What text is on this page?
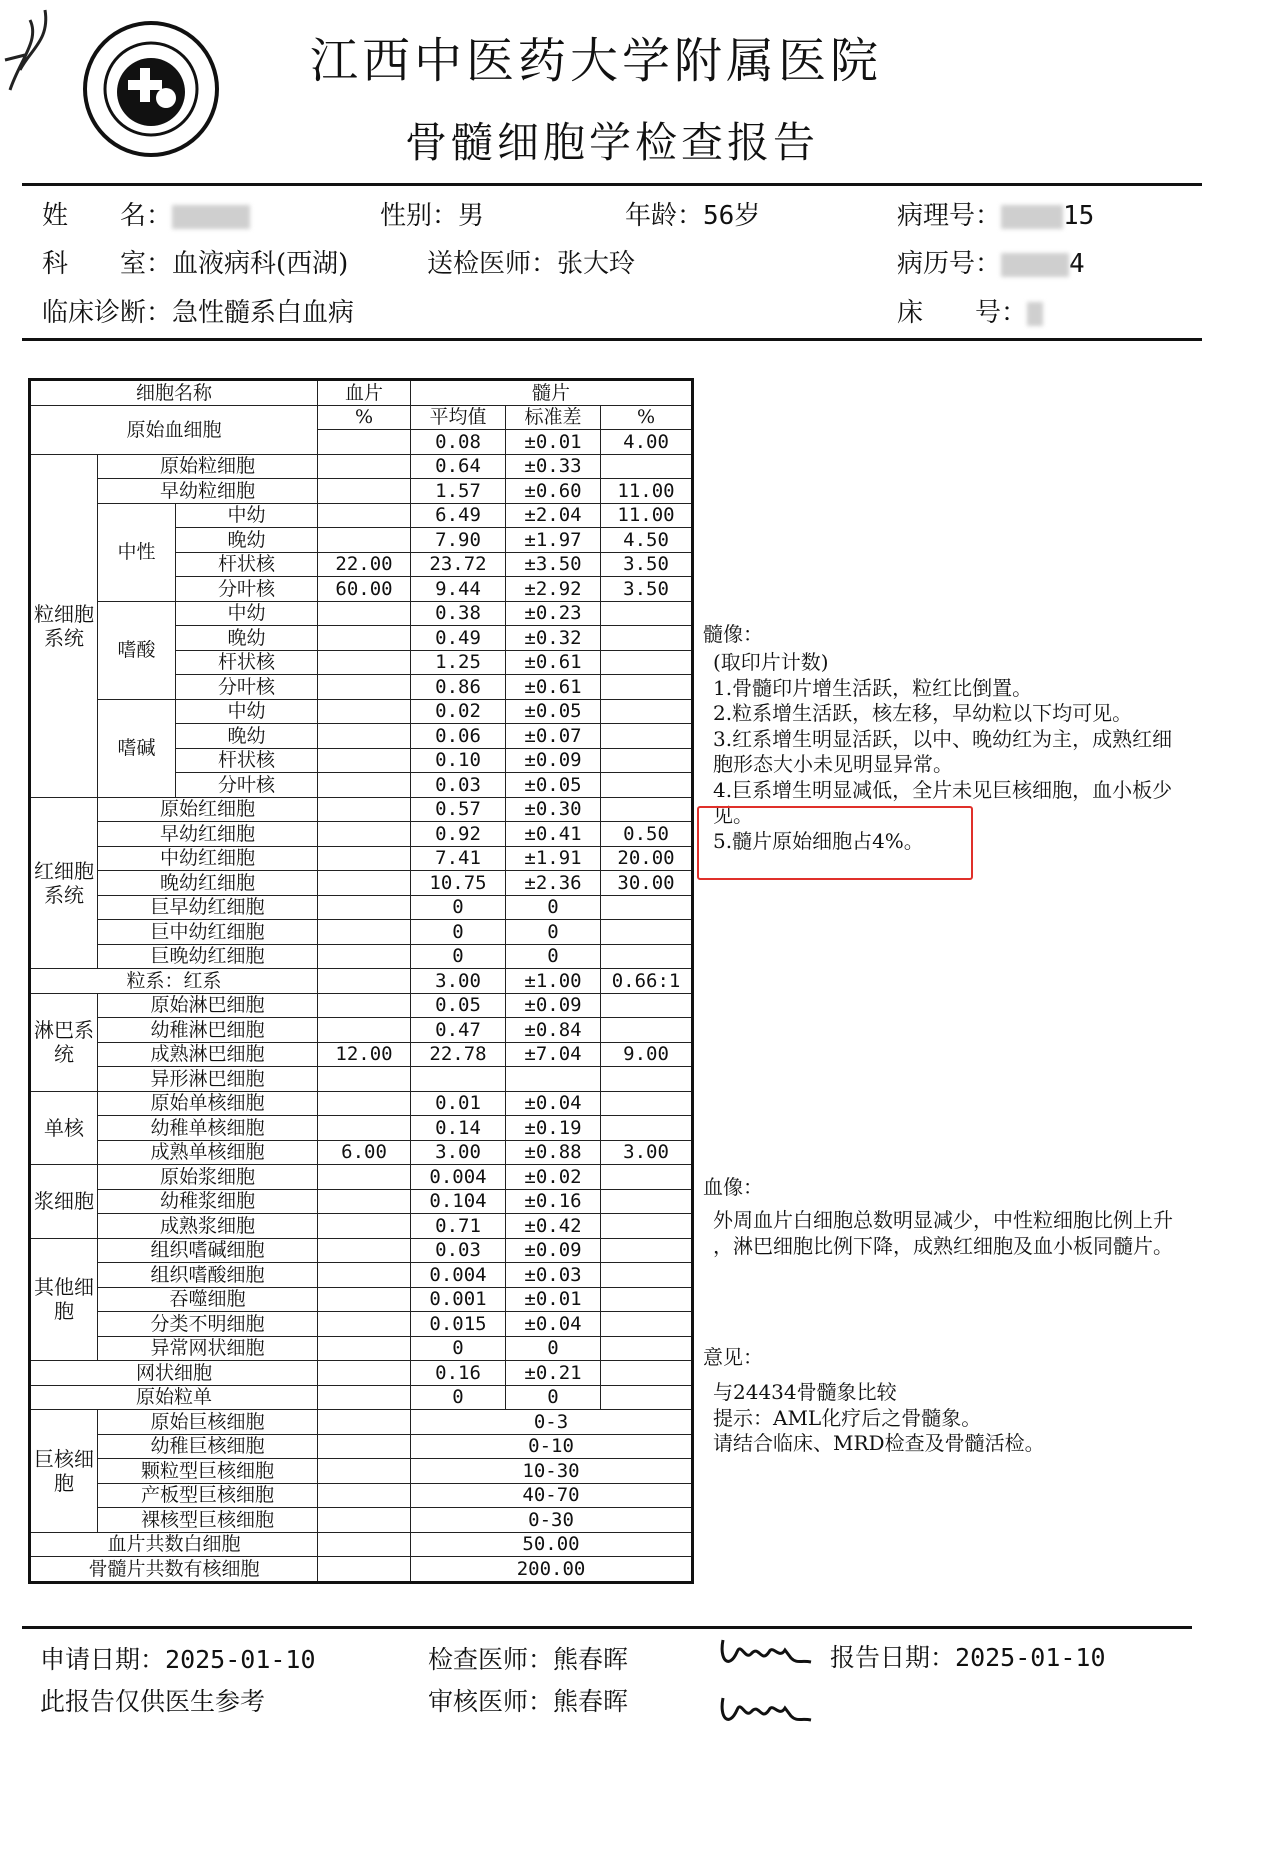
江西中医药大学附属医院
骨髓细胞学检查报告
姓　　名：	性别：男	年龄：56岁	病理号： 15
科　　室：血液病科(西湖)	送检医师：张大玲	病历号：	4
临床诊断：急性髓系白血病	床　　号：
细胞名称			血片	髓片		
原始血细胞			%	平均值	标准差	%
				0.08	±0.01	4.00
粒细胞系统	原始粒细胞			0.64	±0.33	
	早幼粒细胞			1.57	±0.60	11.00
	中性	中幼		6.49	±2.04	11.00
		晚幼		7.90	±1.97	4.50
		杆状核	22.00	23.72	±3.50	3.50
		分叶核	60.00	9.44	±2.92	3.50
	嗜酸	中幼		0.38	±0.23	
		晚幼		0.49	±0.32	
		杆状核		1.25	±0.61	
		分叶核		0.86	±0.61	
	嗜碱	中幼		0.02	±0.05	
		晚幼		0.06	±0.07	
		杆状核		0.10	±0.09	
		分叶核		0.03	±0.05	
红细胞系统	原始红细胞			0.57	±0.30	
	早幼红细胞			0.92	±0.41	0.50
	中幼红细胞			7.41	±1.91	20.00
	晚幼红细胞			10.75	±2.36	30.00
	巨早幼红细胞			0	0	
	巨中幼红细胞			0	0	
	巨晚幼红细胞			0	0	
粒系：红系				3.00	±1.00	0.66:1
淋巴系统	原始淋巴细胞			0.05	±0.09	
	幼稚淋巴细胞			0.47	±0.84	
	成熟淋巴细胞		12.00	22.78	±7.04	9.00
	异形淋巴细胞					
单核	原始单核细胞			0.01	±0.04	
	幼稚单核细胞			0.14	±0.19	
	成熟单核细胞		6.00	3.00	±0.88	3.00
浆细胞	原始浆细胞			0.004	±0.02	
	幼稚浆细胞			0.104	±0.16	
	成熟浆细胞			0.71	±0.42	
其他细胞	组织嗜碱细胞			0.03	±0.09	
	组织嗜酸细胞			0.004	±0.03	
	吞噬细胞			0.001	±0.01	
	分类不明细胞			0.015	±0.04	
	异常网状细胞			0	0	
网状细胞				0.16	±0.21	
原始粒单				0	0	
巨核细胞	原始巨核细胞			0-3		
	幼稚巨核细胞			0-10		
	颗粒型巨核细胞			10-30		
	产板型巨核细胞			40-70		
	裸核型巨核细胞			0-30		
血片共数白细胞				50.00		
骨髓片共数有核细胞				200.00		
髓像：
(取印片计数)
1.骨髓印片增生活跃，粒红比倒置。
2.粒系增生活跃，核左移，早幼粒以下均可见。
3.红系增生明显活跃，以中、晚幼红为主，成熟红细
胞形态大小未见明显异常。
4.巨系增生明显减低，全片未见巨核细胞，血小板少
见。
5.髓片原始细胞占4%。
血像：
外周血片白细胞总数明显减少，中性粒细胞比例上升
，淋巴细胞比例下降，成熟红细胞及血小板同髓片。
意见：
与24434骨髓象比较
提示：AML化疗后之骨髓象。
请结合临床、MRD检查及骨髓活检。
申请日期：2025-01-10	检查医师：熊春晖	报告日期：2025-01-10
此报告仅供医生参考	审核医师：熊春晖
